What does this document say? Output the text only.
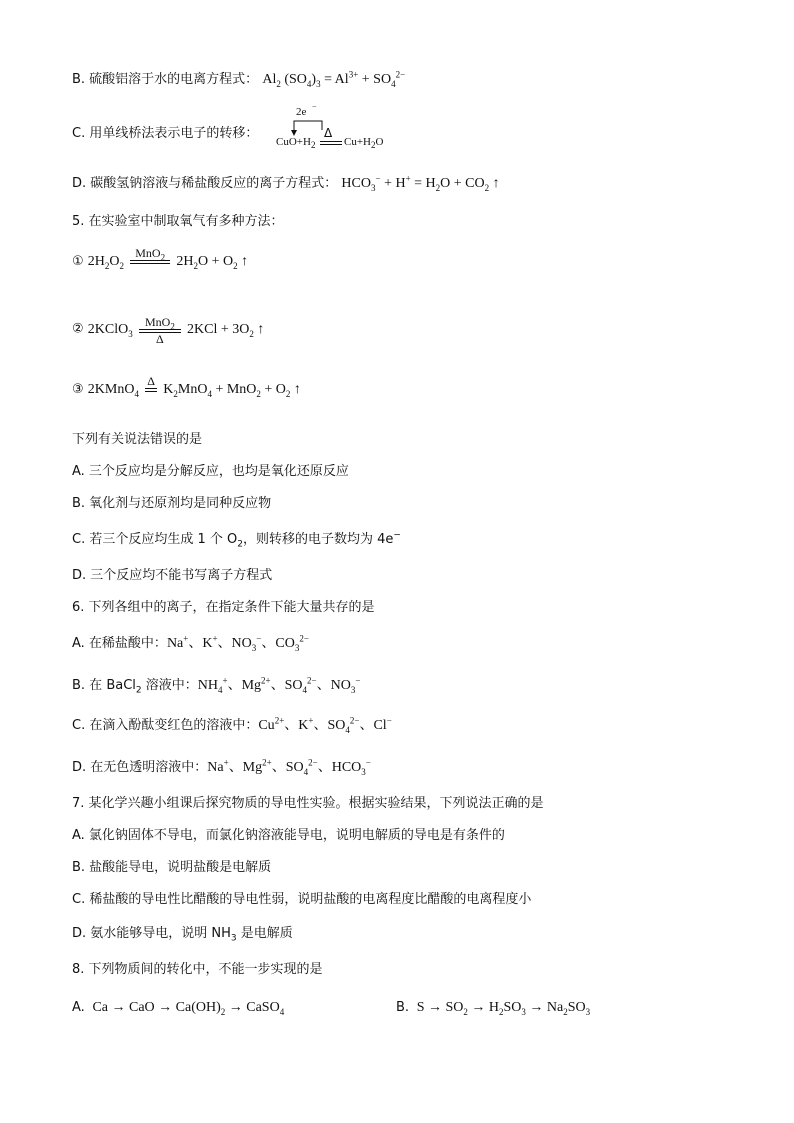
B. 硫酸铝溶于水的电离方程式： $Al_2$ $(SO_4)_3 = Al^{3+} + SO_4^{2-}$
C. 用单线桥法表示电子的转移：
2e −
$CuO+H_2$
Δ
$Cu+H_2O$
D. 碳酸氢钠溶液与稀盐酸反应的离子方程式： $HCO_3^- + H^+ = H_2O + CO_2$ ↑
5. 在实验室中制取氧气有多种方法：
① $2H_2O_2$
MnO$_2$ $2H_2O + O_2$ ↑
② 2KClO$_3$
MnO$_2$
Δ
$2KCl + 3O_2$ ↑
③ 2KMnO$_4$
Δ
$K_2MnO_4 + MnO_2 + O_2$ ↑
下列有关说法错误的是
A. 三个反应均是分解反应，也均是氧化还原反应
B. 氧化剂与还原剂均是同种反应物
C. 若三个反应均生成 1 个 $O_2$，则转移的电子数均为 4e−
D. 三个反应均不能书写离子方程式
6. 下列各组中的离子，在指定条件下能大量共存的是
A. 在稀盐酸中：Na+、K+、$NO_3^-$、$CO_3^{2-}$
B. 在 BaCl$_2$ 溶液中：$NH_4^+$、$Mg^{2+}$、$SO_4^{2-}$、$NO_3^-$
C. 在滴入酚酞变红色的溶液中：$Cu^{2+}$、K+、$SO_4^{2-}$、Cl−
D. 在无色透明溶液中：Na+、$Mg^{2+}$、$SO_4^{2-}$、$HCO_3^-$
7. 某化学兴趣小组课后探究物质的导电性实验。根据实验结果，下列说法正确的是
A. 氯化钠固体不导电，而氯化钠溶液能导电，说明电解质的导电是有条件的
B. 盐酸能导电，说明盐酸是电解质
C. 稀盐酸的导电性比醋酸的导电性弱，说明盐酸的电离程度比醋酸的电离程度小
D. 氨水能够导电，说明 $NH_3$ 是电解质
8. 下列物质间的转化中，不能一步实现的是
A.  Ca → CaO → $Ca(OH)_2$ → CaSO$_4$	B.  $S \to SO_2 \to H_2SO_3 \to Na_2SO_3$
